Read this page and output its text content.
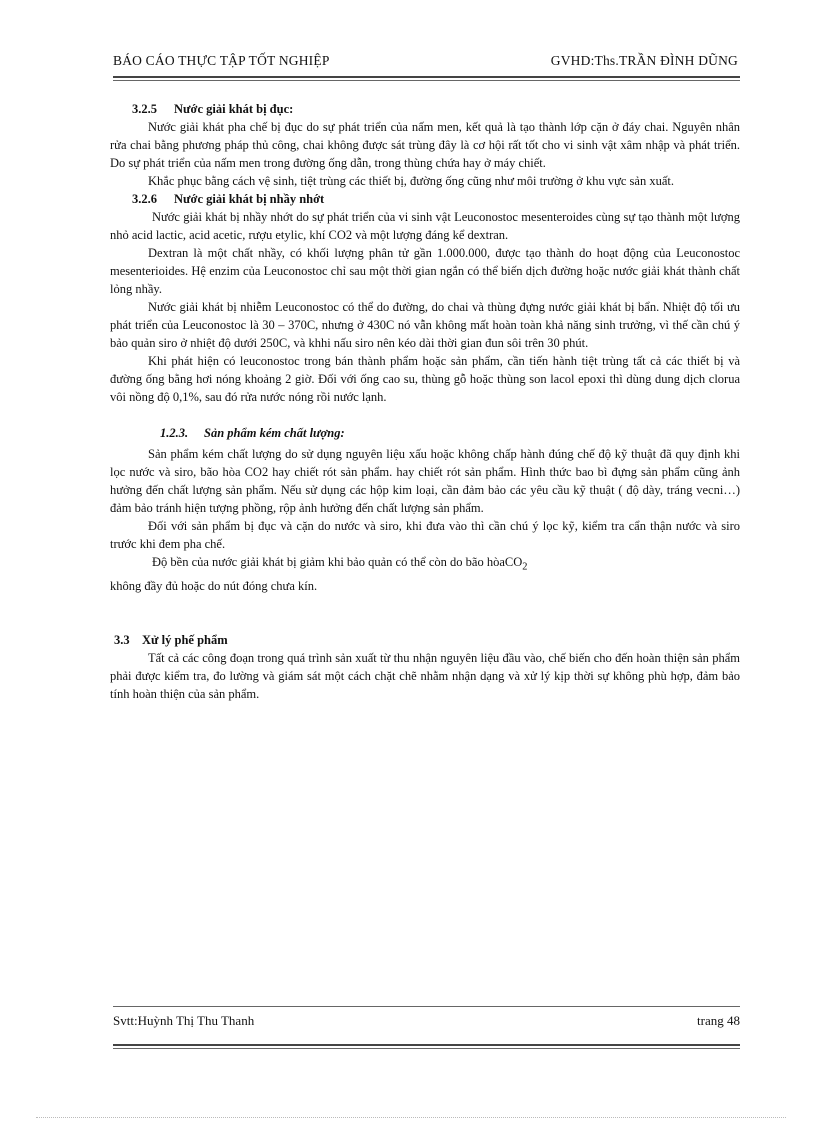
BÁO CÁO THỰC TẬP TỐT NGHIỆP	GVHD:Ths.TRẦN ĐÌNH DŨNG
3.2.5 Nước giải khát bị đục:

Nước giải khát pha chế bị đục do sự phát triển của nấm men, kết quả là tạo thành lớp cặn ở đáy chai. Nguyên nhân rửa chai bằng phương pháp thủ công, chai không được sát trùng đây là cơ hội rất tốt cho vi sinh vật xâm nhập và phát triển. Do sự phát triển của nấm men trong đường ống dẫn, trong thùng chứa hay ở máy chiết.

Khắc phục bằng cách vệ sinh, tiệt trùng các thiết bị, đường ống cũng như môi trường ở khu vực sản xuất.

3.2.6 Nước giải khát bị nhầy nhớt

Nước giải khát bị nhầy nhớt do sự phát triển của vi sinh vật Leuconostoc mesenteroides cùng sự tạo thành một lượng nhỏ acid lactic, acid acetic, rượu etylic, khí CO2 và một lượng đáng kể dextran.

Dextran là một chất nhầy, có khối lượng phân tử gần 1.000.000, được tạo thành do hoạt động của Leuconostoc mesenterioides. Hệ enzim của Leuconostoc chỉ sau một thời gian ngắn có thể biến dịch đường hoặc nước giải khát thành chất lỏng nhầy.

Nước giải khát bị nhiễm Leuconostoc có thể do đường, do chai và thùng đựng nước giải khát bị bẩn. Nhiệt độ tối ưu phát triển của Leuconostoc là 30 – 370C, nhưng ở 430C nó vẫn không mất hoàn toàn khả năng sinh trưởng, vì thế cần chú ý bảo quản siro ở nhiệt độ dưới 250C, và khhi nấu siro nên kéo dài thời gian đun sôi trên 30 phút.

Khi phát hiện có leuconostoc trong bán thành phẩm hoặc sản phẩm, cần tiến hành tiệt trùng tất cả các thiết bị và đường ống bằng hơi nóng khoảng 2 giờ. Đối với ống cao su, thùng gỗ hoặc thùng son lacol epoxi thì dùng dung dịch clorua vôi nồng độ 0,1%, sau đó rửa nước nóng rồi nước lạnh.

1.2.3. Sản phẩm kém chất lượng:

Sản phẩm kém chất lượng do sử dụng nguyên liệu xấu hoặc không chấp hành đúng chế độ kỹ thuật đã quy định khi lọc nước và siro, bão hòa CO2 hay chiết rót sản phẩm. hay chiết rót sản phẩm. Hình thức bao bì đựng sản phẩm cũng ảnh hưởng đến chất lượng sản phẩm. Nếu sử dụng các hộp kim loại, cần đảm bảo các yêu cầu kỹ thuật ( độ dày, tráng vecni…) đảm bảo tránh hiện tượng phồng, rộp ảnh hưởng đến chất lượng sản phẩm.

Đối với sản phẩm bị đục và cặn do nước và siro, khi đưa vào thì cần chú ý lọc kỹ, kiểm tra cẩn thận nước và siro trước khi đem pha chế.

Độ bền của nước giải khát bị giảm khi bảo quản có thể còn do bão hòaCO$_2$

không đầy đủ hoặc do nút đóng chưa kín.

3.3 Xử lý phế phẩm

Tất cả các công đoạn trong quá trình sản xuất từ thu nhận nguyên liệu đầu vào, chế biến cho đến hoàn thiện sản phẩm phải được kiểm tra, đo lường và giám sát một cách chặt chẽ nhằm nhận dạng và xử lý kịp thời sự không phù hợp, đảm bảo tính hoàn thiện của sản phẩm.

Svtt:Huỳnh Thị Thu Thanh	trang 48
